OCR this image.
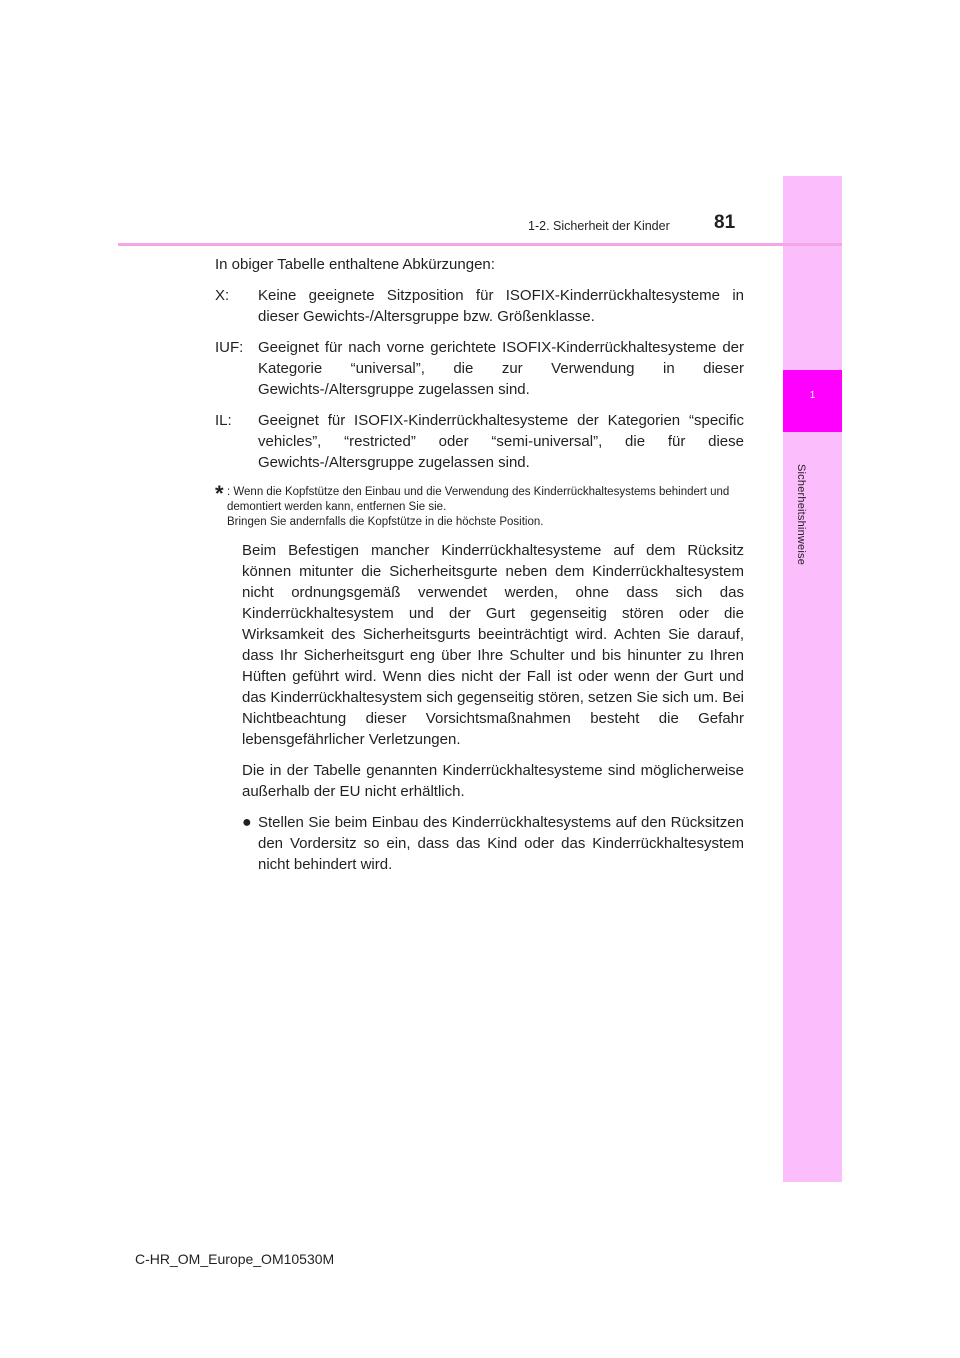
1
Sicherheitshinweise
1-2. Sicherheit der Kinder 81

In obiger Tabelle enthaltene Abkürzungen:

X:	Keine geeignete Sitzposition für ISOFIX-Kinderrückhaltesysteme in dieser Gewichts-/Altersgruppe bzw. Größenklasse.
IUF: Geeignet für nach vorne gerichtete ISOFIX-Kinderrückhaltesysteme der Kategorie “universal”, die zur Verwendung in dieser Gewichts-/Altersgruppe zugelassen sind.
IL:	Geeignet für ISOFIX-Kinderrückhaltesysteme der Kategorien “specific vehicles”, “restricted” oder “semi-universal”, die für diese Gewichts-/Altersgruppe zugelassen sind.
* : Wenn die Kopfstütze den Einbau und die Verwendung des Kinderrückhaltesystems behindert und demontiert werden kann, entfernen Sie sie.

Bringen Sie andernfalls die Kopfstütze in die höchste Position.

Beim Befestigen mancher Kinderrückhaltesysteme auf dem Rücksitz können mitunter die Sicherheitsgurte neben dem Kinderrückhaltesystem nicht ordnungsgemäß verwendet werden, ohne dass sich das Kinderrückhaltesystem und der Gurt gegenseitig stören oder die Wirksamkeit des Sicherheitsgurts beeinträchtigt wird. Achten Sie darauf, dass Ihr Sicherheitsgurt eng über Ihre Schulter und bis hinunter zu Ihren Hüften geführt wird. Wenn dies nicht der Fall ist oder wenn der Gurt und das Kinderrückhaltesystem sich gegenseitig stören, setzen Sie sich um. Bei Nichtbeachtung dieser Vorsichtsmaßnahmen besteht die Gefahr lebensgefährlicher Verletzungen.

Die in der Tabelle genannten Kinderrückhaltesysteme sind möglicherweise außerhalb der EU nicht erhältlich.

● Stellen Sie beim Einbau des Kinderrückhaltesystems auf den Rücksitzen den Vordersitz so ein, dass das Kind oder das Kinderrückhaltesystem nicht behindert wird.
C-HR_OM_Europe_OM10530M
